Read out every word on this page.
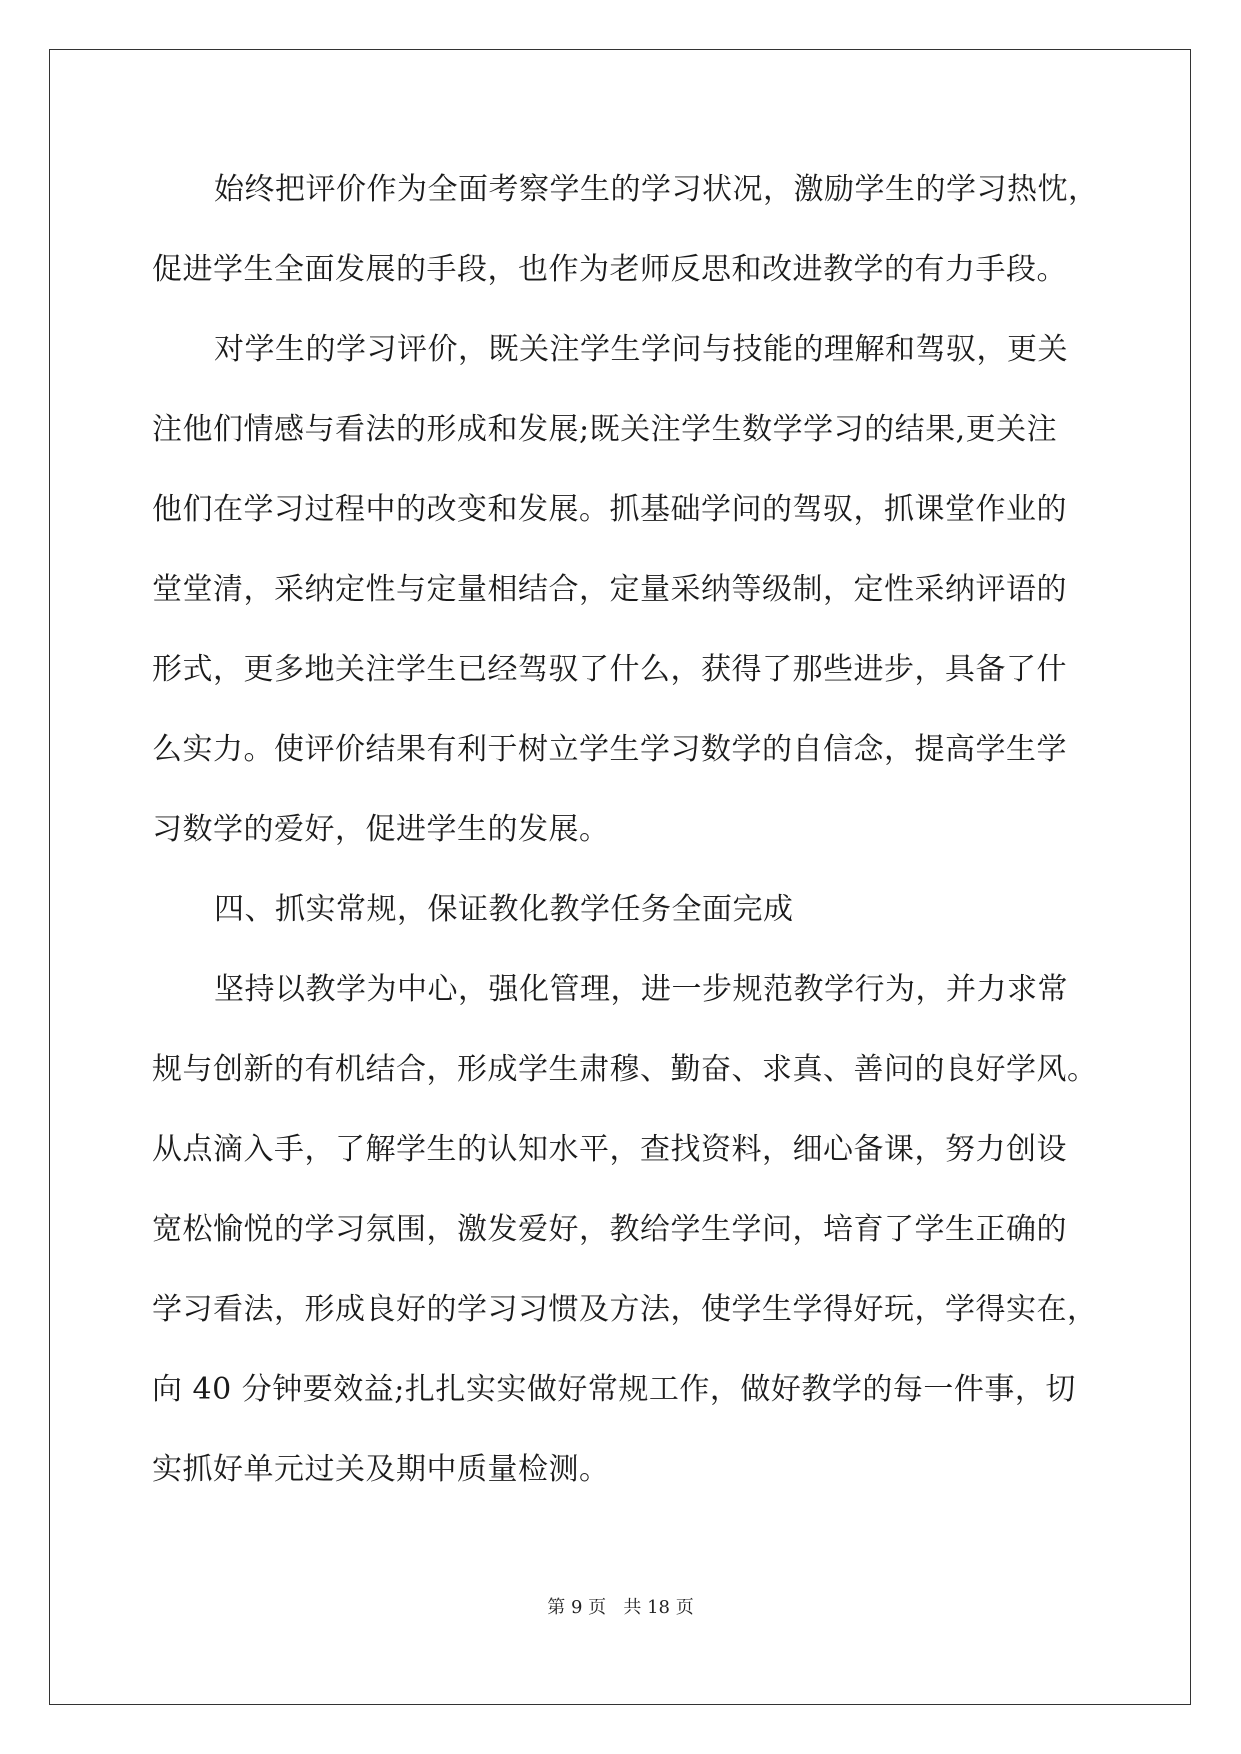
始终把评价作为全面考察学生的学习状况，激励学生的学习热忱，
促进学生全面发展的手段，也作为老师反思和改进教学的有力手段。
对学生的学习评价，既关注学生学问与技能的理解和驾驭，更关
注他们情感与看法的形成和发展;既关注学生数学学习的结果,更关注
他们在学习过程中的改变和发展。抓基础学问的驾驭，抓课堂作业的
堂堂清，采纳定性与定量相结合，定量采纳等级制，定性采纳评语的
形式，更多地关注学生已经驾驭了什么，获得了那些进步，具备了什
么实力。使评价结果有利于树立学生学习数学的自信念，提高学生学
习数学的爱好，促进学生的发展。
四、抓实常规，保证教化教学任务全面完成
坚持以教学为中心，强化管理，进一步规范教学行为，并力求常
规与创新的有机结合，形成学生肃穆、勤奋、求真、善问的良好学风。
从点滴入手，了解学生的认知水平，查找资料，细心备课，努力创设
宽松愉悦的学习氛围，激发爱好，教给学生学问，培育了学生正确的
学习看法，形成良好的学习习惯及方法，使学生学得好玩，学得实在，
向 40 分钟要效益;扎扎实实做好常规工作，做好教学的每一件事，切
实抓好单元过关及期中质量检测。
第 9 页   共 18 页
